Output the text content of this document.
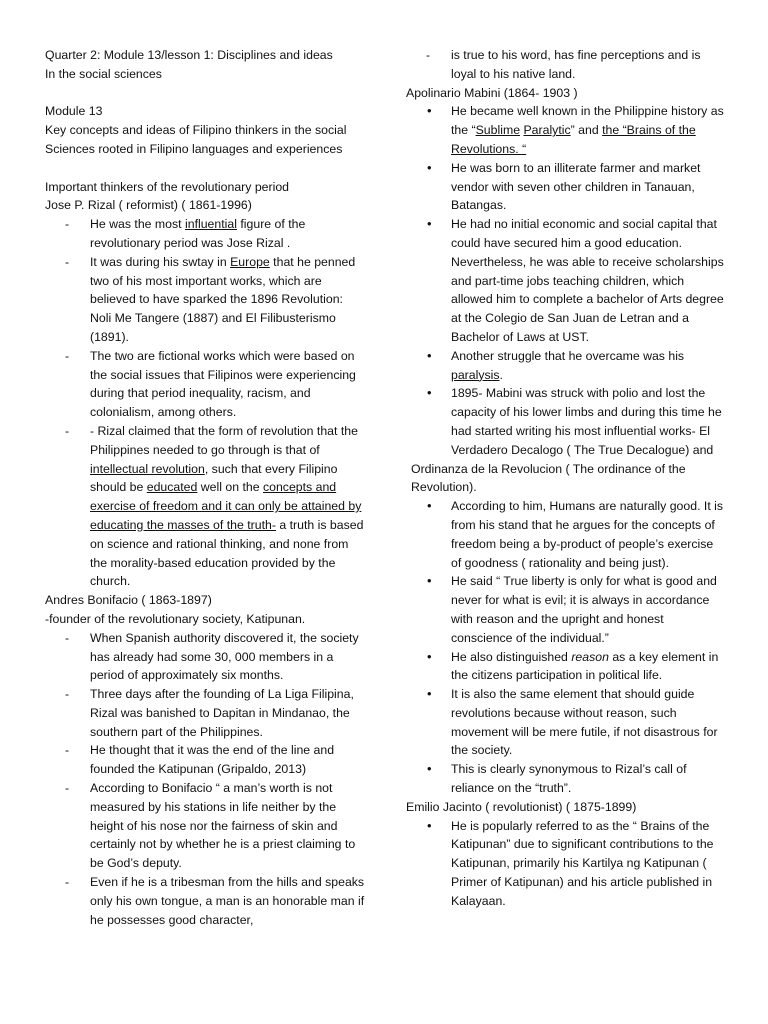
Quarter 2: Module 13/lesson 1: Disciplines and ideas
In the social sciences

Module 13

Key concepts and ideas of Filipino thinkers in the social
Sciences rooted in Filipino languages and experiences

Important thinkers of the revolutionary period

Jose P. Rizal ( reformist) ( 1861-1996)

- He was the most influential figure of the revolutionary period was Jose Rizal .
- It was during his swtay in Europe that he penned two of his most important works, which are believed to have sparked the 1896 Revolution: Noli Me Tangere (1887) and El Filibusterismo (1891).
- The two are fictional works which were based on the social issues that Filipinos were experiencing during that period inequality, racism, and colonialism, among others.
- - Rizal claimed that the form of revolution that the Philippines needed to go through is that of intellectual revolution, such that every Filipino should be educated well on the concepts and exercise of freedom and it can only be attained by educating the masses of the truth- a truth is based on science and rational thinking, and none from the morality-based education provided by the church.

Andres Bonifacio ( 1863-1897)

-founder of the revolutionary society, Katipunan.

- When Spanish authority discovered it, the society has already had some 30, 000 members in a period of approximately six months.
- Three days after the founding of La Liga Filipina, Rizal was banished to Dapitan in Mindanao, the southern part of the Philippines.
- He thought that it was the end of the line and founded the Katipunan (Gripaldo, 2013)
- According to Bonifacio “ a man’s worth is not measured by his stations in life neither by the height of his nose nor the fairness of skin and certainly not by whether he is a priest claiming to be God’s deputy.
- Even if he is a tribesman from the hills and speaks only his own tongue, a man is an honorable man if he possesses good character,
- is true to his word, has fine perceptions and is loyal to his native land.

Apolinario Mabini (1864- 1903 )

• He became well known in the Philippine history as the “Sublime Paralytic” and the “Brains of the Revolutions. “
• He was born to an illiterate farmer and market vendor with seven other children in Tanauan, Batangas.
• He had no initial economic and social capital that could have secured him a good education. Nevertheless, he was able to receive scholarships and part-time jobs teaching children, which allowed him to complete a bachelor of Arts degree at the Colegio de San Juan de Letran and a Bachelor of Laws at UST.
• Another struggle that he overcame was his paralysis.
• 1895- Mabini was struck with polio and lost the capacity of his lower limbs and during this time he had started writing his most influential works- El Verdadero Decalogo ( The True Decalogue) and

Ordinanza de la Revolucion ( The ordinance of the Revolution).

• According to him, Humans are naturally good. It is from his stand that he argues for the concepts of freedom being a by-product of people’s exercise of goodness ( rationality and being just).
• He said “ True liberty is only for what is good and never for what is evil; it is always in accordance with reason and the upright and honest conscience of the individual.”
• He also distinguished reason as a key element in the citizens participation in political life.
• It is also the same element that should guide revolutions because without reason, such movement will be mere futile, if not disastrous for the society.
• This is clearly synonymous to Rizal’s call of reliance on the “truth”.

Emilio Jacinto ( revolutionist) ( 1875-1899)

• He is popularly referred to as the “ Brains of the Katipunan” due to significant contributions to the Katipunan, primarily his Kartilya ng Katipunan ( Primer of Katipunan) and his article published in Kalayaan.
